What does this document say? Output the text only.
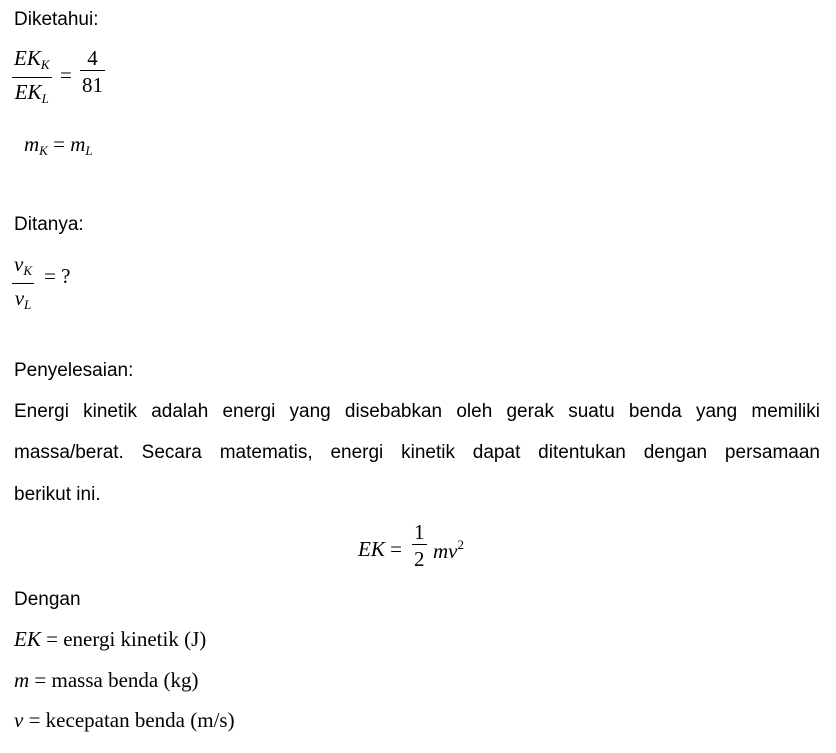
Diketahui:
$EK_K$
$EK_L$
=
4
81
$m_K = m_L$
Ditanya:
$v_K$
$v_L$
= ?
Penyelesaian:
Energi kinetik adalah energi yang disebabkan oleh gerak suatu benda yang memiliki
massa/berat. Secara matematis, energi kinetik dapat ditentukan dengan persamaan
berikut ini.
EK =
1
2 $mv^2$
Dengan
EK = energi kinetik (J)
m = massa benda (kg)
v = kecepatan benda (m/s)
